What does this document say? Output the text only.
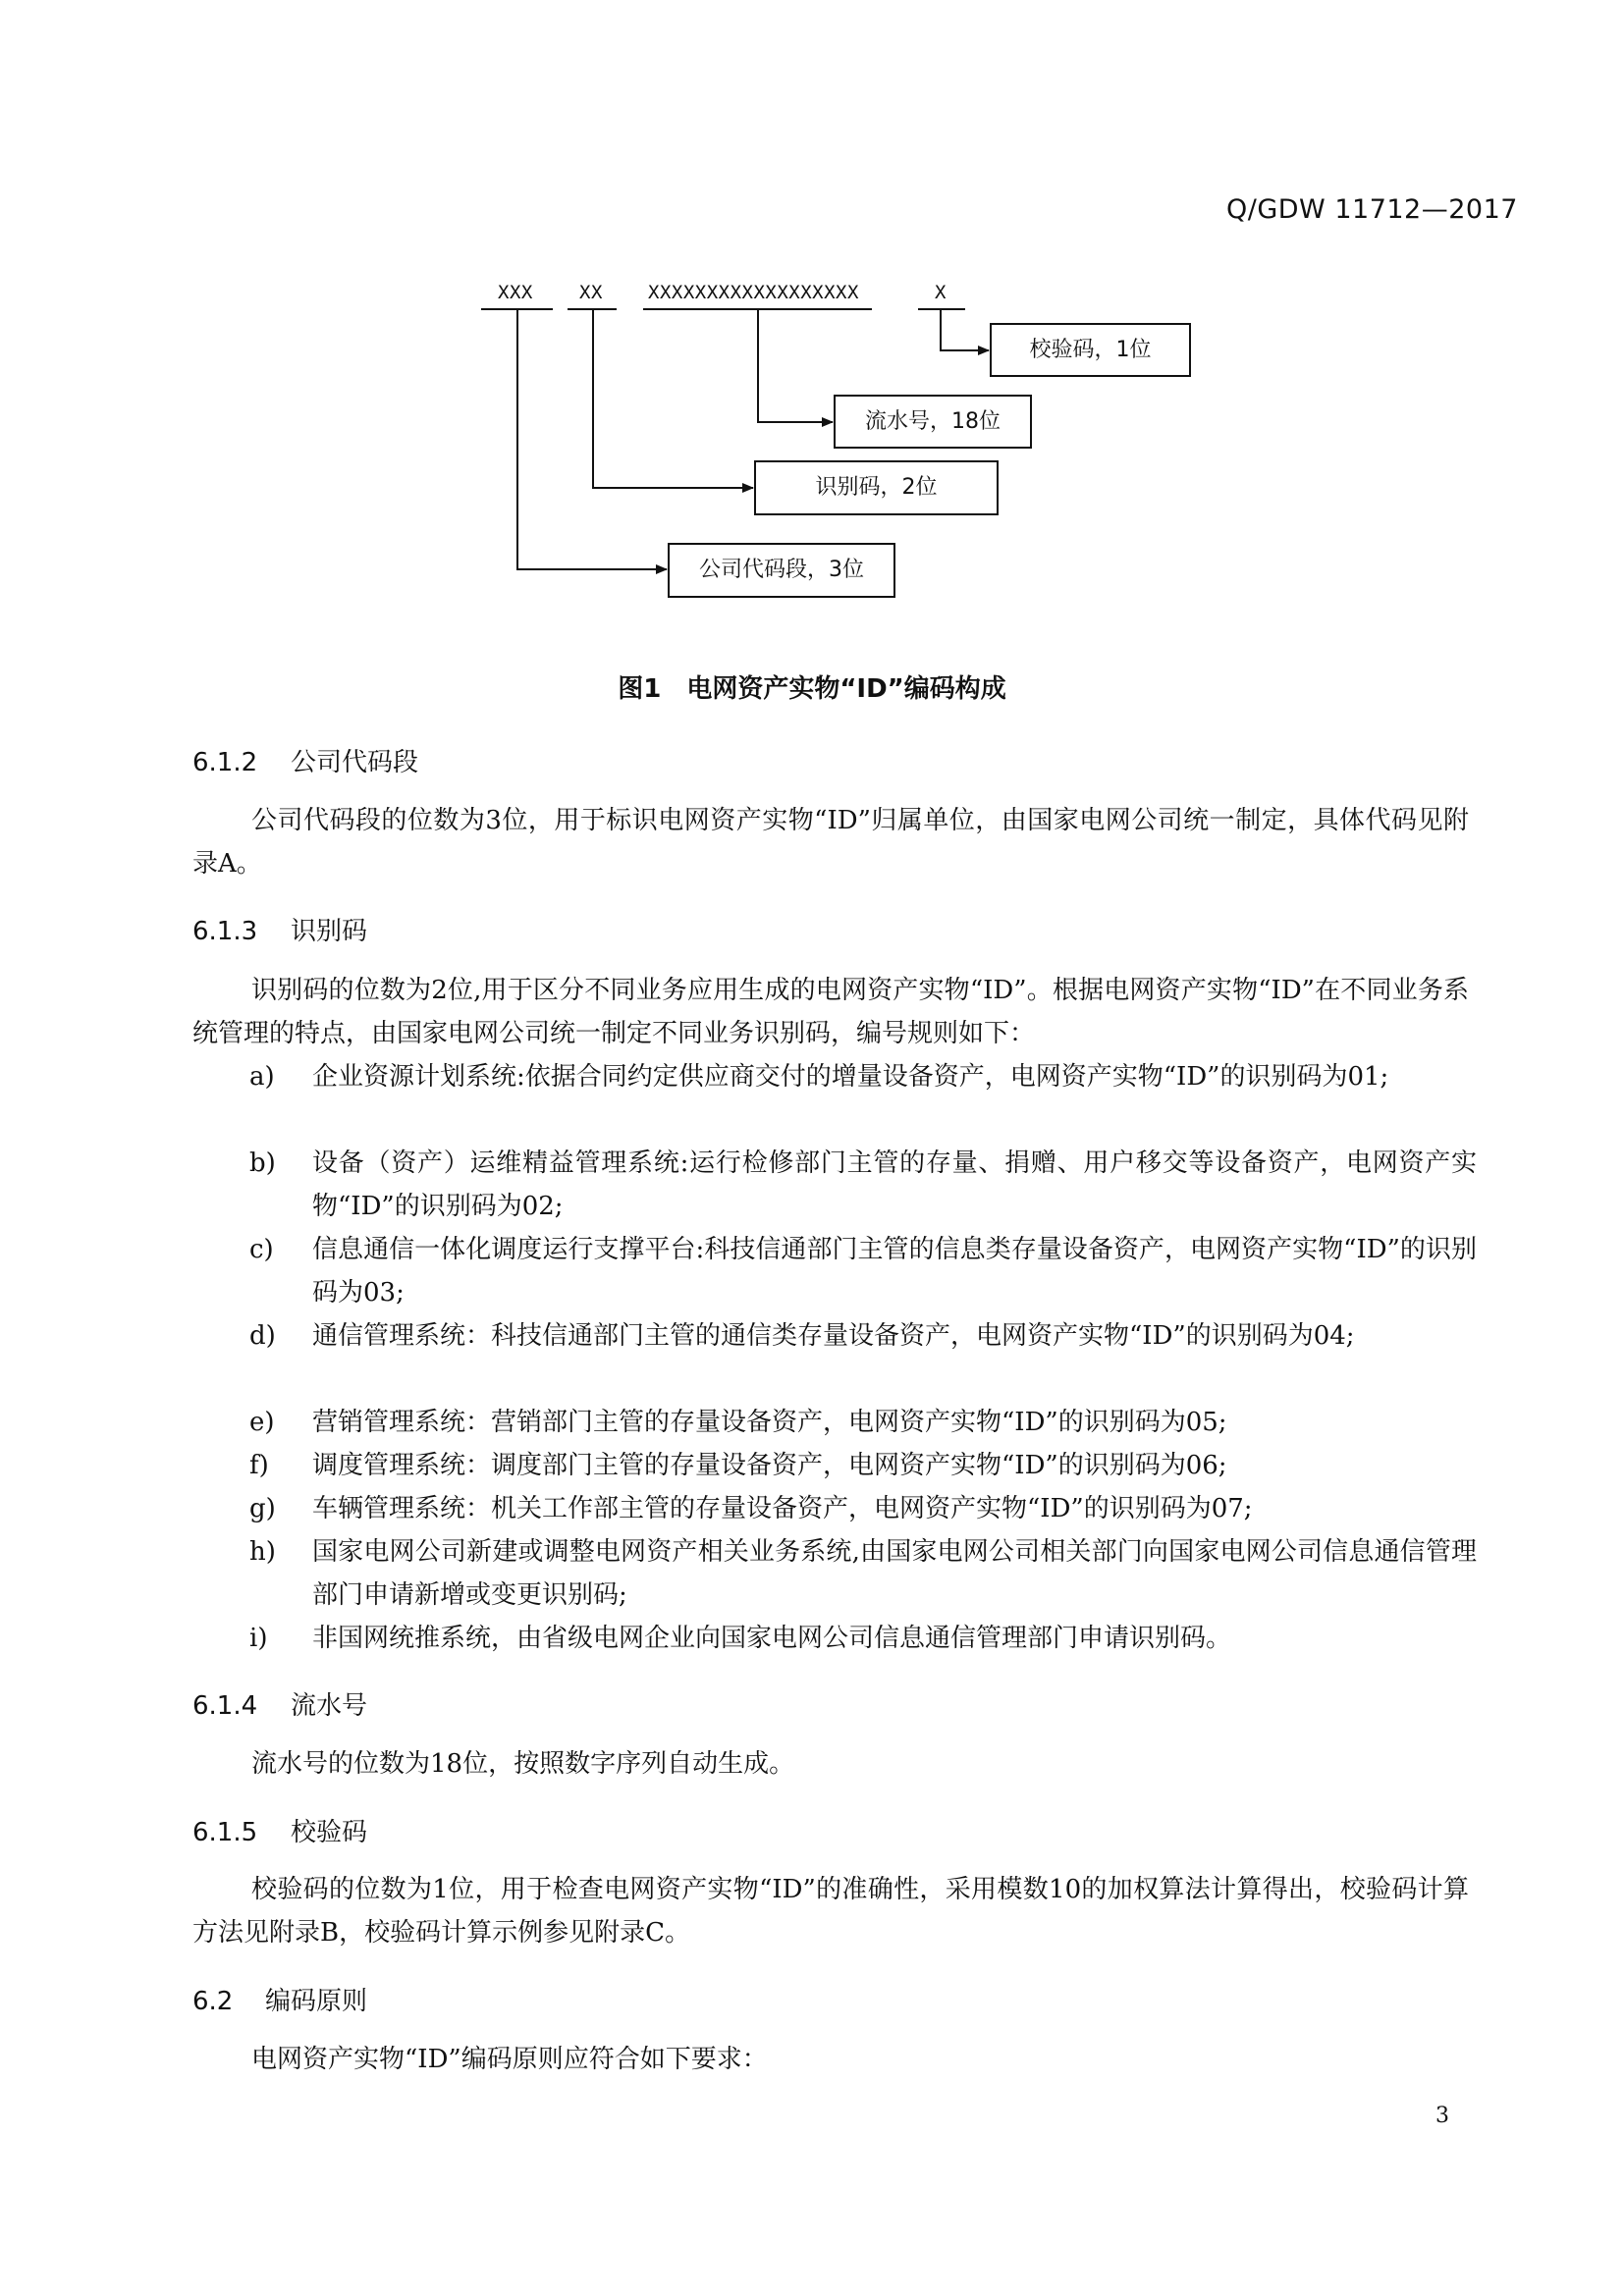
Q/GDW 11712—2017
XXX XX XXXXXXXXXXXXXXXXXX	X
校验码，1位
流水号，18位
识别码，2位
公司代码段，3位
图1　电网资产实物“ID”编码构成
6.1.2 公司代码段
公司代码段的位数为3位，用于标识电网资产实物“ID”归属单位，由国家电网公司统一制定，具体代码见附录A。
6.1.3 识别码
识别码的位数为2位,用于区分不同业务应用生成的电网资产实物“ID”。根据电网资产实物“ID”在不同业务系统管理的特点，由国家电网公司统一制定不同业务识别码，编号规则如下：
a)	企业资源计划系统:依据合同约定供应商交付的增量设备资产，电网资产实物“ID”的识别码为01;
b)	设备（资产）运维精益管理系统:运行检修部门主管的存量、捐赠、用户移交等设备资产，电网资产实物“ID”的识别码为02;
c)	信息通信一体化调度运行支撑平台:科技信通部门主管的信息类存量设备资产，电网资产实物“ID”的识别码为03;
d)	通信管理系统：科技信通部门主管的通信类存量设备资产，电网资产实物“ID”的识别码为04;
e)	营销管理系统：营销部门主管的存量设备资产，电网资产实物“ID”的识别码为05;
f)	调度管理系统：调度部门主管的存量设备资产，电网资产实物“ID”的识别码为06;
g)	车辆管理系统：机关工作部主管的存量设备资产，电网资产实物“ID”的识别码为07;
h)	国家电网公司新建或调整电网资产相关业务系统,由国家电网公司相关部门向国家电网公司信息通信管理部门申请新增或变更识别码;
i)	非国网统推系统，由省级电网企业向国家电网公司信息通信管理部门申请识别码。
6.1.4 流水号
流水号的位数为18位，按照数字序列自动生成。
6.1.5 校验码
校验码的位数为1位，用于检查电网资产实物“ID”的准确性，采用模数10的加权算法计算得出，校验码计算方法见附录B，校验码计算示例参见附录C。
6.2 编码原则
电网资产实物“ID”编码原则应符合如下要求：
3
